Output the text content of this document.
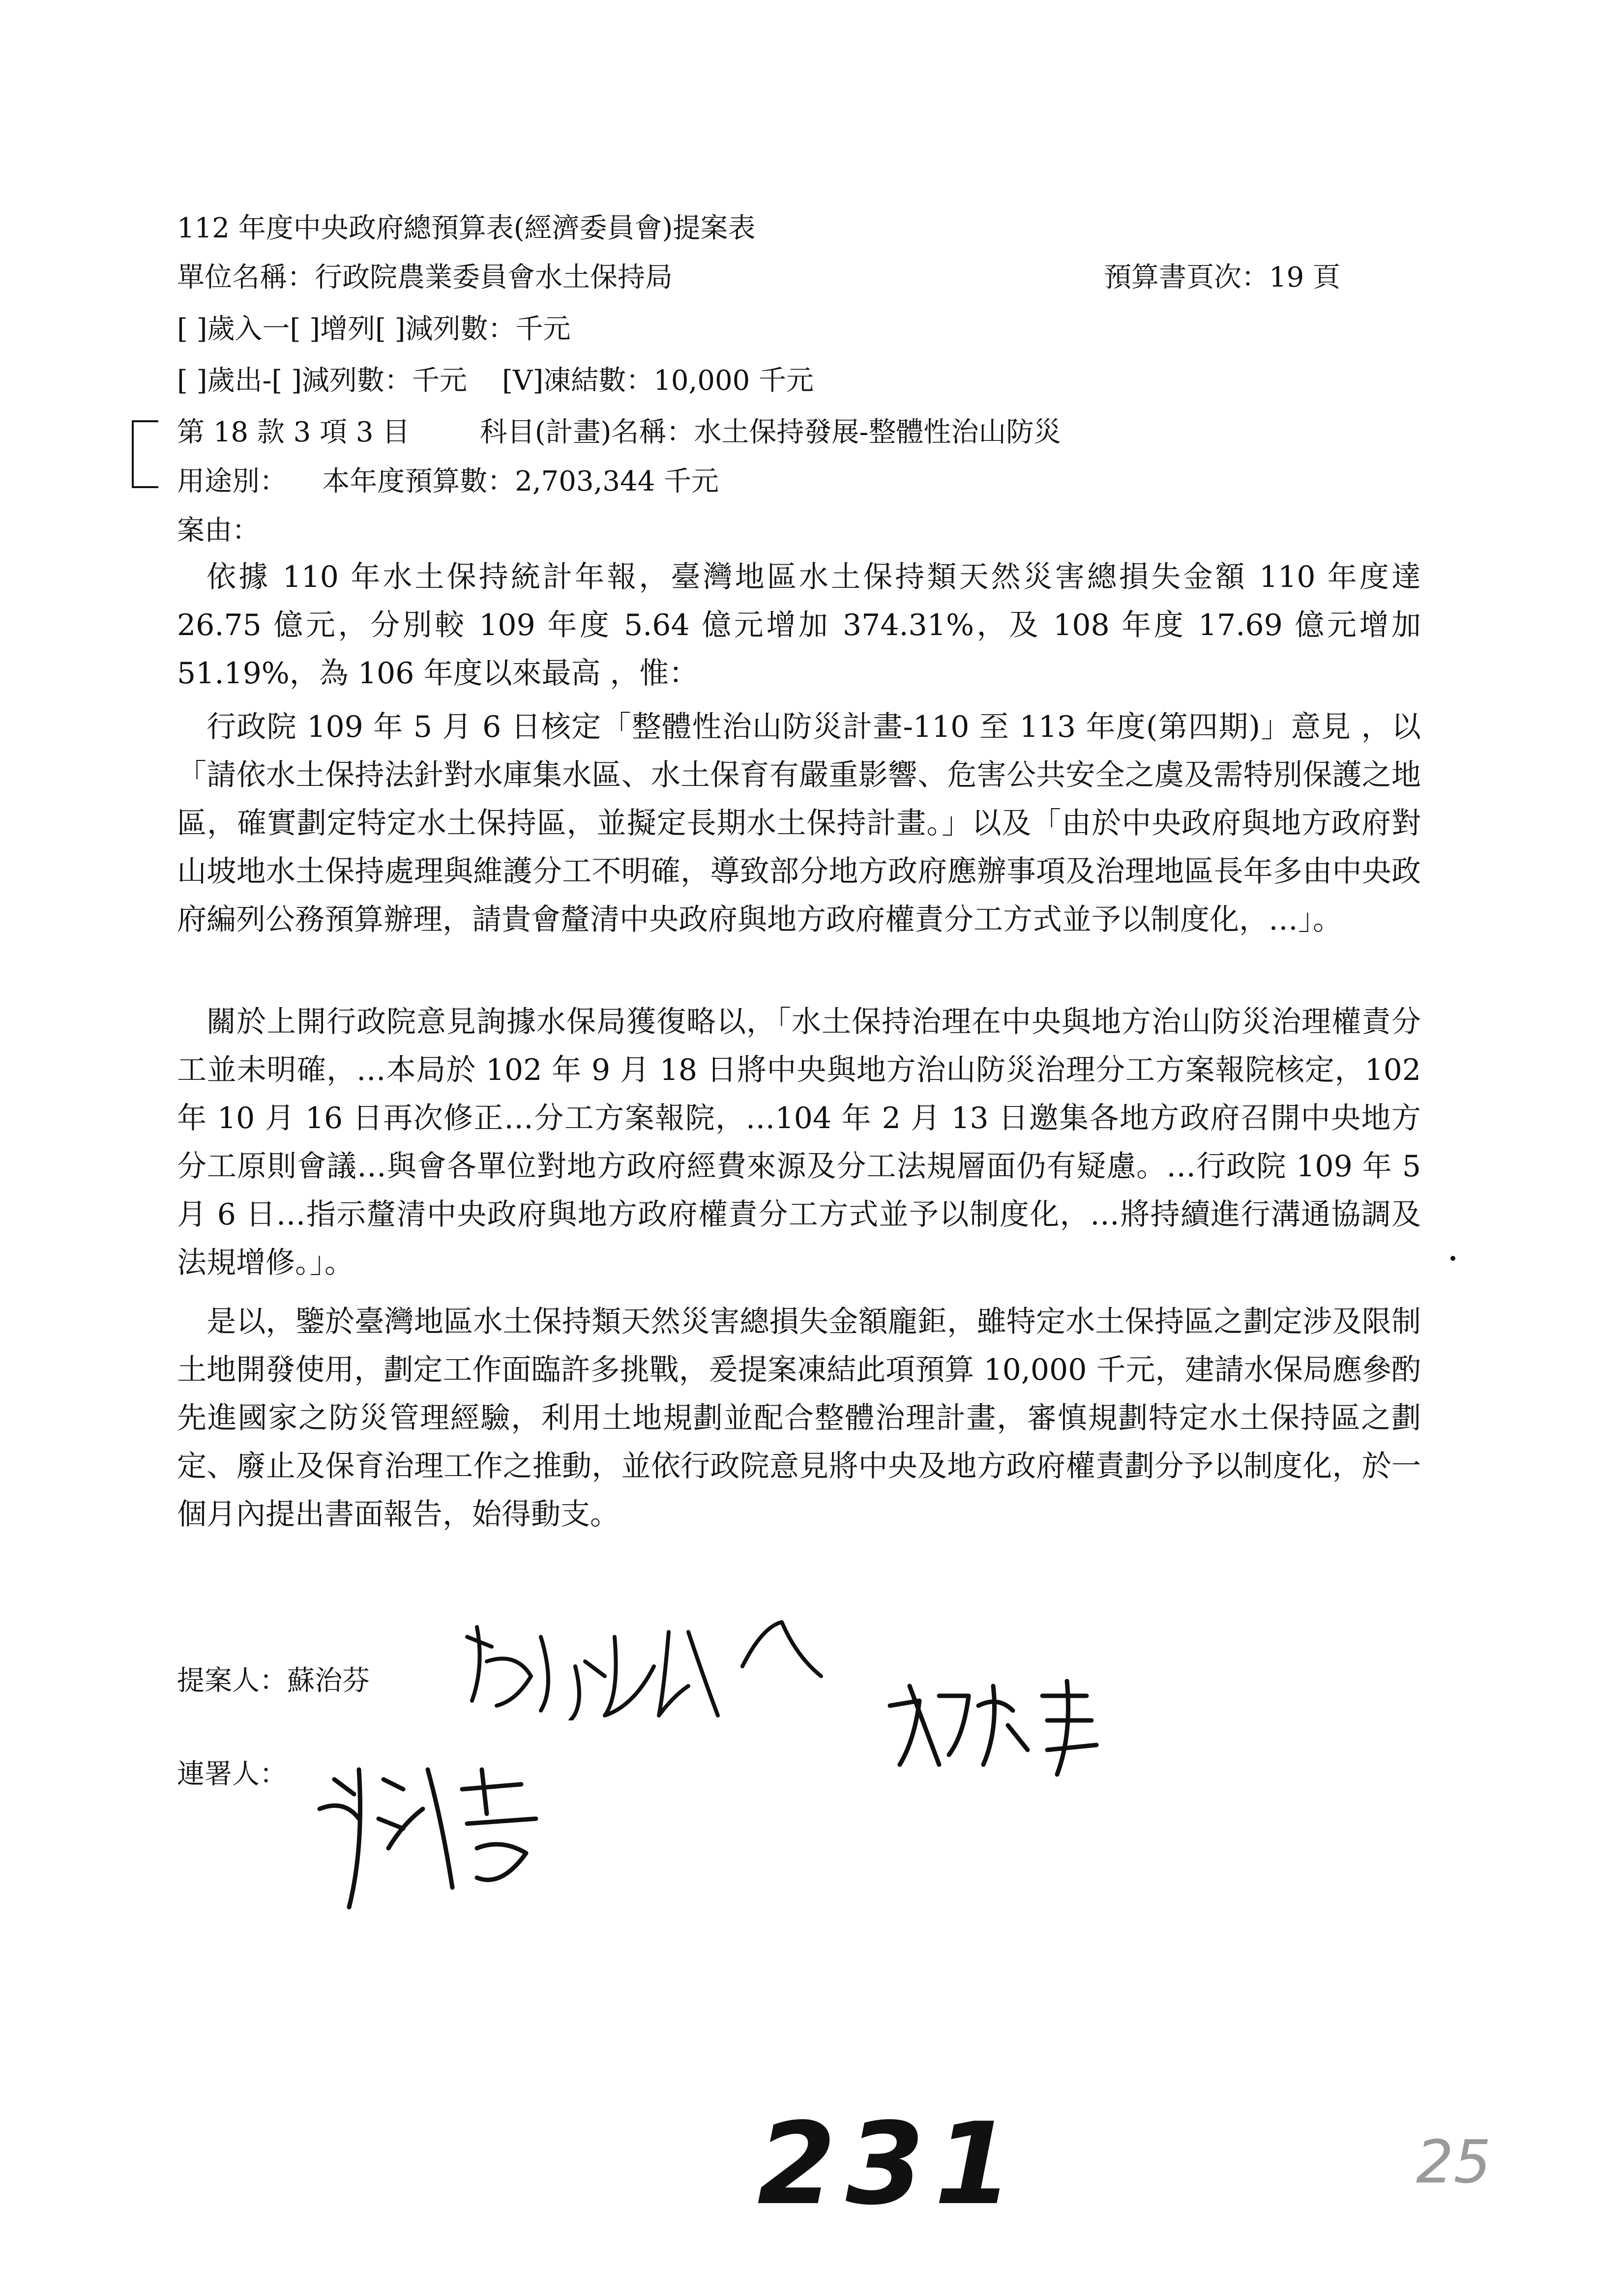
112 年度中央政府總預算表(經濟委員會)提案表
單位名稱：行政院農業委員會水土保持局	預算書頁次：19 頁
[ ]歲入一[ ]增列[ ]減列數：千元
[ ]歲出-[ ]減列數：千元    [V]凍結數：10,000 千元
第 18 款 3 項 3 目        科目(計畫)名稱：水土保持發展-整體性治山防災
用途別：    本年度預算數：2,703,344 千元
案由：
依據 110 年水土保持統計年報，臺灣地區水土保持類天然災害總損失金額 110 年度達 26.75 億元，分別較 109 年度 5.64 億元增加 374.31%，及 108 年度 17.69 億元增加 51.19%，為 106 年度以來最高 ，惟：
行政院 109 年 5 月 6 日核定「整體性治山防災計畫-110 至 113 年度(第四期)」意見 ，以「請依水土保持法針對水庫集水區、水土保育有嚴重影響、危害公共安全之虞及需特別保護之地區，確實劃定特定水土保持區，並擬定長期水土保持計畫。」以及「由於中央政府與地方政府對山坡地水土保持處理與維護分工不明確，導致部分地方政府應辦事項及治理地區長年多由中央政府編列公務預算辦理，請貴會釐清中央政府與地方政府權責分工方式並予以制度化，…」。
關於上開行政院意見詢據水保局獲復略以，「水土保持治理在中央與地方治山防災治理權責分工並未明確，…本局於 102 年 9 月 18 日將中央與地方治山防災治理分工方案報院核定，102 年 10 月 16 日再次修正…分工方案報院，…104 年 2 月 13 日邀集各地方政府召開中央地方分工原則會議…與會各單位對地方政府經費來源及分工法規層面仍有疑慮。…行政院 109 年 5 月 6 日…指示釐清中央政府與地方政府權責分工方式並予以制度化，…將持續進行溝通協調及法規增修。」。
是以，鑒於臺灣地區水土保持類天然災害總損失金額龐鉅，雖特定水土保持區之劃定涉及限制土地開發使用，劃定工作面臨許多挑戰，爰提案凍結此項預算 10,000 千元，建請水保局應參酌先進國家之防災管理經驗，利用土地規劃並配合整體治理計畫，審慎規劃特定水土保持區之劃定、廢止及保育治理工作之推動，並依行政院意見將中央及地方政府權責劃分予以制度化，於一個月內提出書面報告，始得動支。
提案人：蘇治芬
連署人：
231	25
